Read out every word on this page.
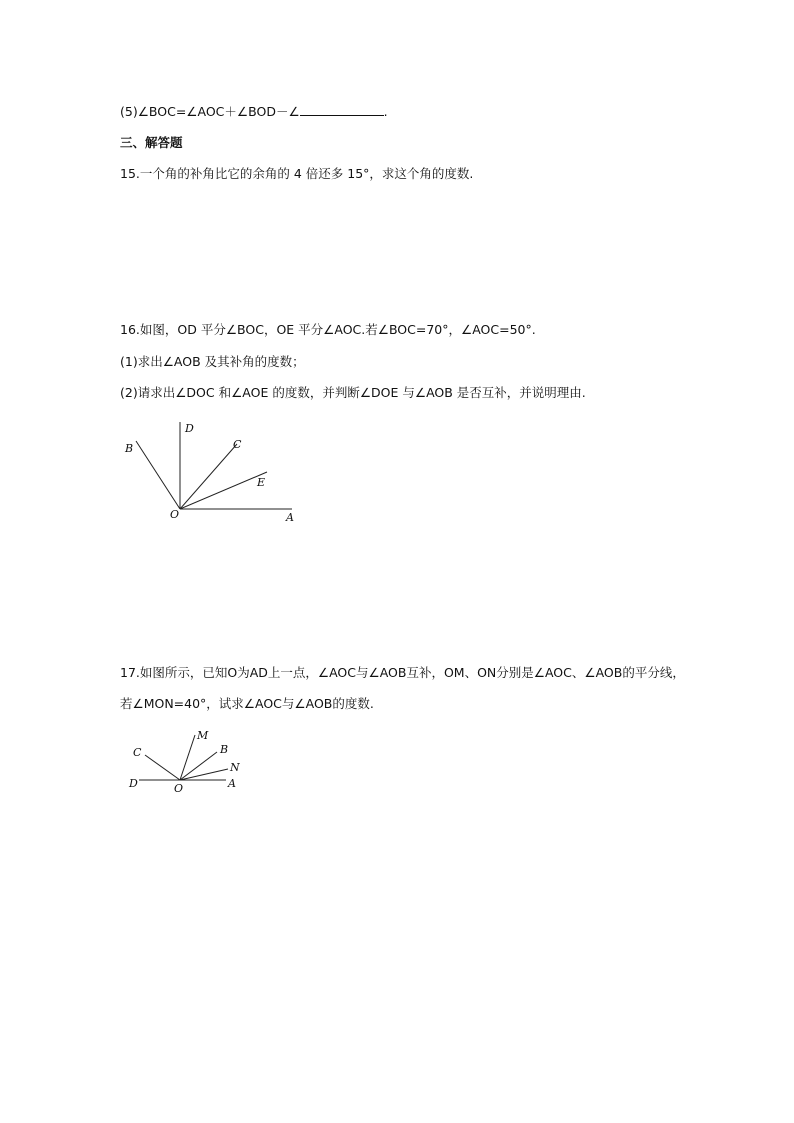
(5)∠BOC=∠AOC＋∠BOD－∠	.
三、解答题
15.一个角的补角比它的余角的 4 倍还多 15°，求这个角的度数.
16.如图，OD 平分∠BOC，OE 平分∠AOC.若∠BOC=70°，∠AOC=50°.
(1)求出∠AOB 及其补角的度数；
(2)请求出∠DOC 和∠AOE 的度数，并判断∠DOE 与∠AOB 是否互补，并说明理由.
B
D
C
E
O	A
17.如图所示，已知O为AD上一点，∠AOC与∠AOB互补，OM、ON分别是∠AOC、∠AOB的平分线，
若∠MON=40°，试求∠AOC与∠AOB的度数.
C
M
B
N
D	O	A
